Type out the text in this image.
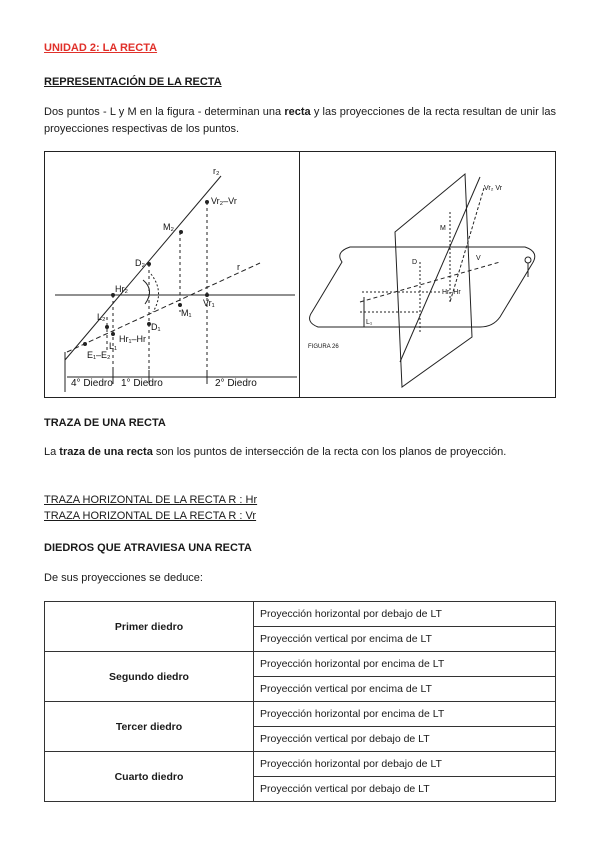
UNIDAD 2: LA RECTA
REPRESENTACIÓN DE LA RECTA
Dos puntos - L y M en la figura - determinan una recta y las proyecciones de la recta resultan de unir las proyecciones respectivas de los puntos.
r₂
Vr₂–Vr
M₂
D₂	r
Hr₂
Vr₁
M₁
L₂
D₁
L₁
Hr₁–Hr
E₁–E₂
4° Diedro 1° Diedro	2° Diedro
Vr₂ Vr
M
V
D
Hr–Hr
L₁
FIGURA 26
TRAZA DE UNA RECTA
La traza de una recta son los puntos de intersección de la recta con los planos de proyección.
TRAZA HORIZONTAL DE LA RECTA R : Hr
TRAZA HORIZONTAL DE LA RECTA R : Vr
DIEDROS QUE ATRAVIESA UNA RECTA
De sus proyecciones se deduce:
Primer diedro	Proyección horizontal por debajo de LT
	Proyección vertical por encima de LT
Segundo diedro	Proyección horizontal por encima de LT
	Proyección vertical por encima de LT
Tercer diedro	Proyección horizontal por encima de LT
	Proyección vertical por debajo de LT
Cuarto diedro	Proyección horizontal por debajo de LT
	Proyección vertical por debajo de LT
